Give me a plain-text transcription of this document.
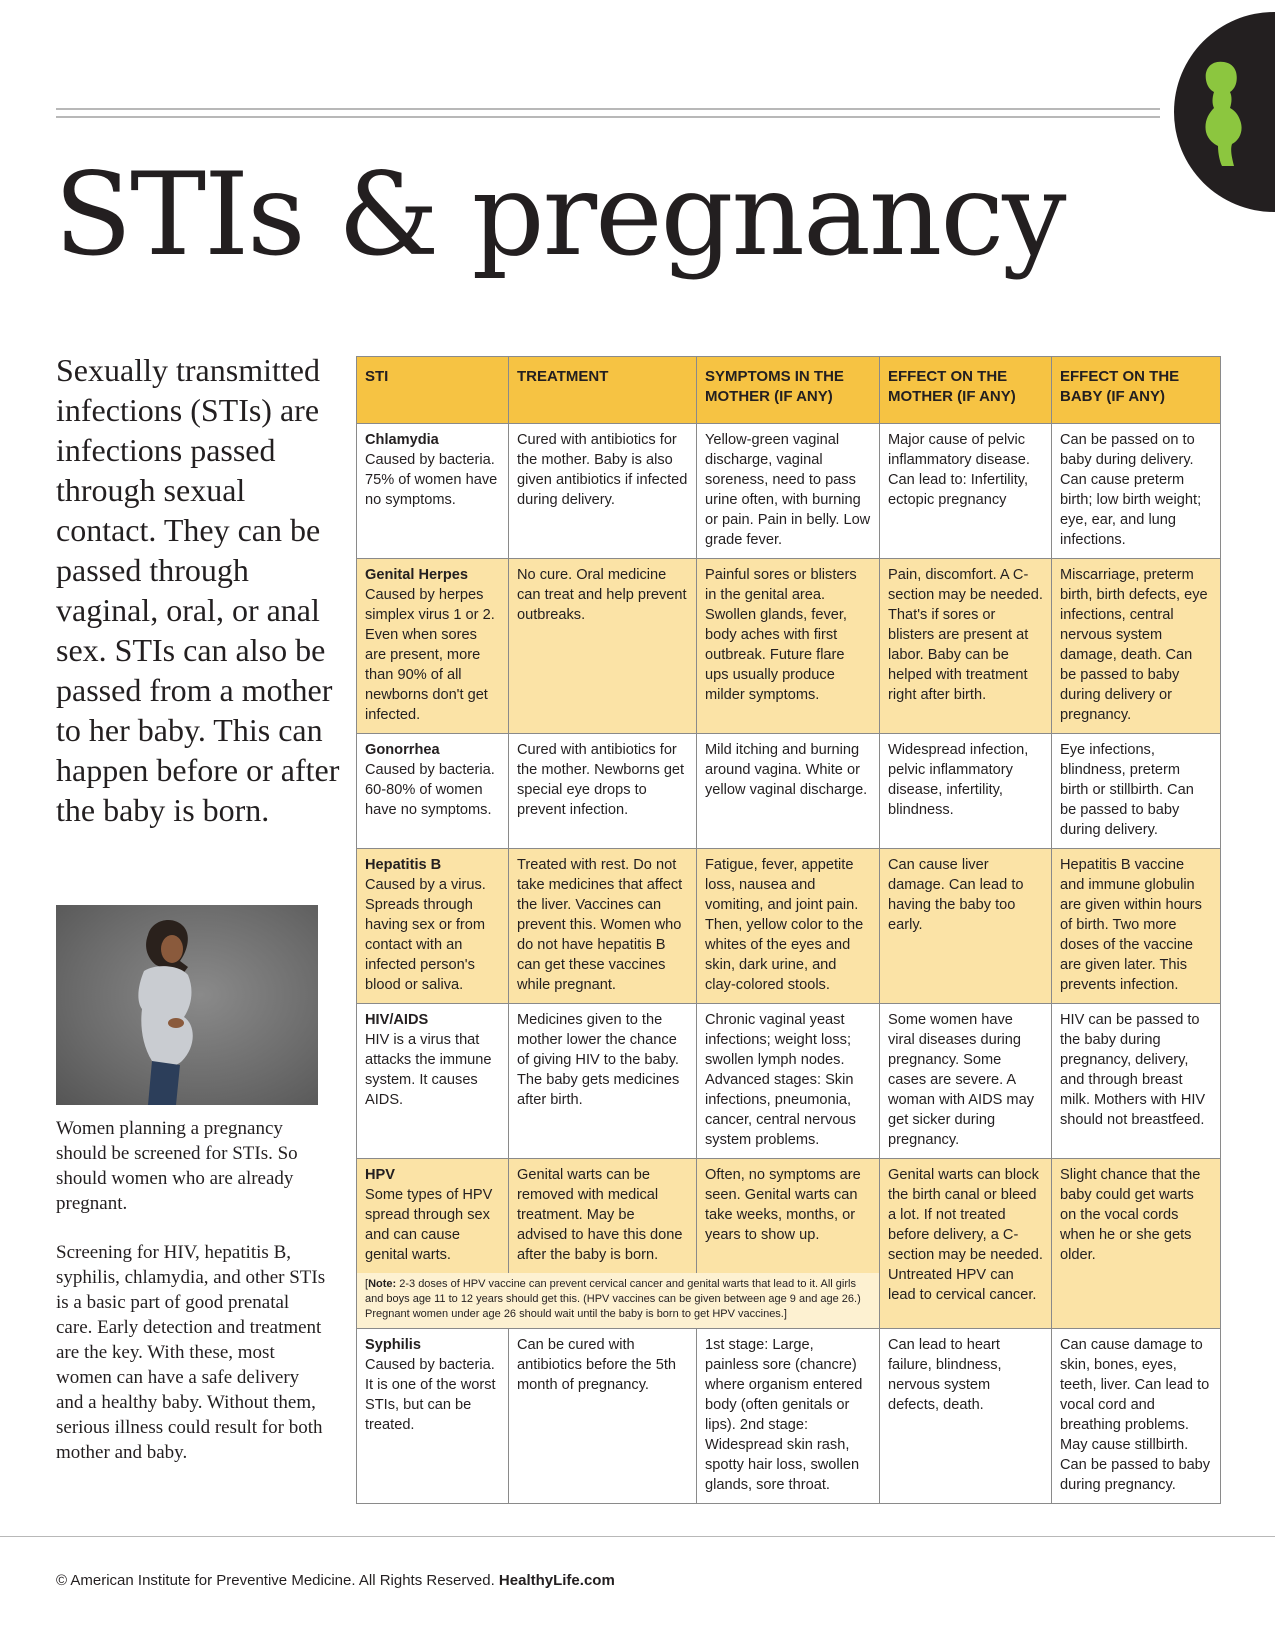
STIs & pregnancy

Sexually transmitted infections (STIs) are infections passed through sexual contact. They can be passed through vaginal, oral, or anal sex. STIs can also be passed from a mother to her baby. This can happen before or after the baby is born.

Women planning a pregnancy should be screened for STIs. So should women who are already pregnant.

Screening for HIV, hepatitis B, syphilis, chlamydia, and other STIs is a basic part of good prenatal care. Early detection and treatment are the key. With these, most women can have a safe delivery and a healthy baby. Without them, serious illness could result for both mother and baby.

STI	TREATMENT	SYMPTOMS IN THE MOTHER (IF ANY)	EFFECT ON THE MOTHER (IF ANY)	EFFECT ON THE BABY (IF ANY)

Chlamydia
Caused by bacteria. 75% of women have no symptoms.	Cured with antibiotics for the mother. Baby is also given antibiotics if infected during delivery.	Yellow-green vaginal discharge, vaginal soreness, need to pass urine often, with burning or pain. Pain in belly. Low grade fever.	Major cause of pelvic inflammatory disease. Can lead to: Infertility, ectopic pregnancy	Can be passed on to baby during delivery. Can cause preterm birth; low birth weight; eye, ear, and lung infections.

Genital Herpes
Caused by herpes simplex virus 1 or 2. Even when sores are present, more than 90% of all newborns don't get infected.	No cure. Oral medicine can treat and help prevent outbreaks.	Painful sores or blisters in the genital area. Swollen glands, fever, body aches with first outbreak. Future flare ups usually produce milder symptoms.	Pain, discomfort. A C-section may be needed. That's if sores or blisters are present at labor. Baby can be helped with treatment right after birth.	Miscarriage, preterm birth, birth defects, eye infections, central nervous system damage, death. Can be passed to baby during delivery or pregnancy.

Gonorrhea
Caused by bacteria. 60-80% of women have no symptoms.	Cured with antibiotics for the mother. Newborns get special eye drops to prevent infection.	Mild itching and burning around vagina. White or yellow vaginal discharge.	Widespread infection, pelvic inflammatory disease, infertility, blindness.	Eye infections, blindness, preterm birth or stillbirth. Can be passed to baby during delivery.

Hepatitis B
Caused by a virus. Spreads through having sex or from contact with an infected person's blood or saliva.	Treated with rest. Do not take medicines that affect the liver. Vaccines can prevent this. Women who do not have hepatitis B can get these vaccines while pregnant.	Fatigue, fever, appetite loss, nausea and vomiting, and joint pain. Then, yellow color to the whites of the eyes and skin, dark urine, and clay-colored stools.	Can cause liver damage. Can lead to having the baby too early.	Hepatitis B vaccine and immune globulin are given within hours of birth. Two more doses of the vaccine are given later. This prevents infection.

HIV/AIDS
HIV is a virus that attacks the immune system. It causes AIDS.	Medicines given to the mother lower the chance of giving HIV to the baby. The baby gets medicines after birth.	Chronic vaginal yeast infections; weight loss; swollen lymph nodes. Advanced stages: Skin infections, pneumonia, cancer, central nervous system problems.	Some women have viral diseases during pregnancy. Some cases are severe. A woman with AIDS may get sicker during pregnancy.	HIV can be passed to the baby during pregnancy, delivery, and through breast milk. Mothers with HIV should not breastfeed.

HPV
Some types of HPV spread through sex and can cause genital warts.	Genital warts can be removed with medical treatment. May be advised to have this done after the baby is born.	Often, no symptoms are seen. Genital warts can take weeks, months, or years to show up.	Genital warts can block the birth canal or bleed a lot. If not treated before delivery, a C-section may be needed. Untreated HPV can lead to cervical cancer.	Slight chance that the baby could get warts on the vocal cords when he or she gets older.
[Note: 2-3 doses of HPV vaccine can prevent cervical cancer and genital warts that lead to it. All girls and boys age 11 to 12 years should get this. (HPV vaccines can be given between age 9 and age 26.) Pregnant women under age 26 should wait until the baby is born to get HPV vaccines.]				

Syphilis
Caused by bacteria. It is one of the worst STIs, but can be treated.	Can be cured with antibiotics before the 5th month of pregnancy.	1st stage: Large, painless sore (chancre) where organism entered body (often genitals or lips). 2nd stage: Widespread skin rash, spotty hair loss, swollen glands, sore throat.	Can lead to heart failure, blindness, nervous system defects, death.	Can cause damage to skin, bones, eyes, teeth, liver. Can lead to vocal cord and breathing problems. May cause stillbirth. Can be passed to baby during pregnancy.

© American Institute for Preventive Medicine. All Rights Reserved. HealthyLife.com
